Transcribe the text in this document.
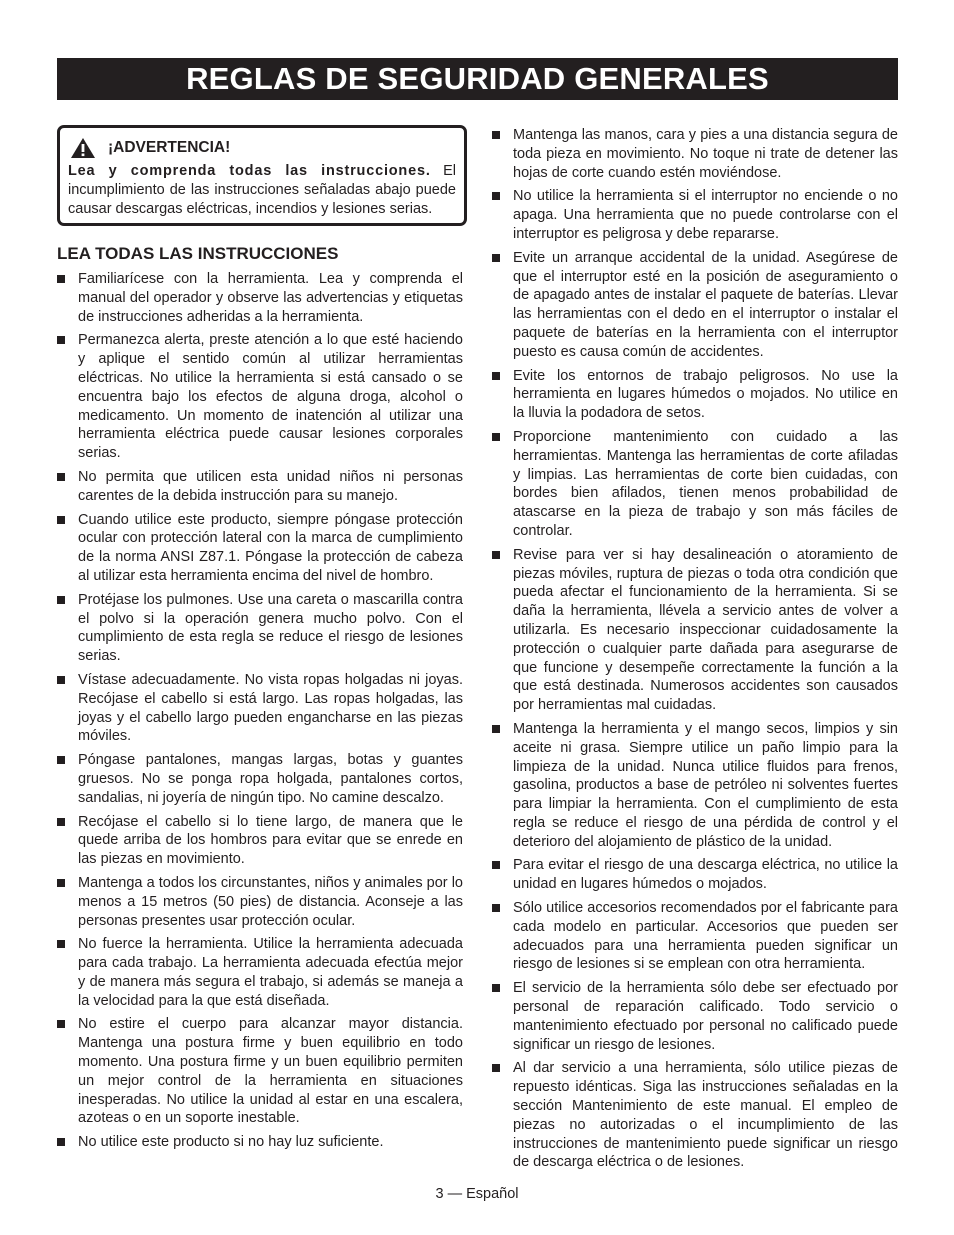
REGLAS DE SEGURIDAD GENERALES
¡ADVERTENCIA!
Lea y comprenda todas las instrucciones. El incumplimiento de las instrucciones señaladas abajo puede causar descargas eléctricas, incendios y lesiones serias.
LEA TODAS LAS INSTRUCCIONES
Familiarícese con la herramienta. Lea y comprenda el manual del operador y observe las advertencias y etiquetas de instrucciones adheridas a la herramienta.
Permanezca alerta, preste atención a lo que esté haciendo y aplique el sentido común al utilizar herramientas eléctricas. No utilice la herramienta si está cansado o se encuentra bajo los efectos de alguna droga, alcohol o medicamento. Un momento de inatención al utilizar una herramienta eléctrica puede causar lesiones corporales serias.
No permita que utilicen esta unidad niños ni personas carentes de la debida instrucción para su manejo.
Cuando utilice este producto, siempre póngase protección ocular con protección lateral con la marca de cumplimiento de la norma ANSI Z87.1. Póngase la protección de cabeza al utilizar esta herramienta encima del nivel de hombro.
Protéjase los pulmones. Use una careta o mascarilla contra el polvo si la operación genera mucho polvo. Con el cumplimiento de esta regla se reduce el riesgo de lesiones serias.
Vístase adecuadamente. No vista ropas holgadas ni joyas. Recójase el cabello si está largo. Las ropas holgadas, las joyas y el cabello largo pueden engancharse en las piezas móviles.
Póngase pantalones, mangas largas, botas y guantes gruesos. No se ponga ropa holgada, pantalones cortos, sandalias, ni joyería de ningún tipo. No camine descalzo.
Recójase el cabello si lo tiene largo, de manera que le quede arriba de los hombros para evitar que se enrede en las piezas en movimiento.
Mantenga a todos los circunstantes, niños y animales por lo menos a 15 metros (50 pies) de distancia. Aconseje a las personas presentes usar protección ocular.
No fuerce la herramienta. Utilice la herramienta adecuada para cada trabajo. La herramienta adecuada efectúa mejor y de manera más segura el trabajo, si además se maneja a la velocidad para la que está diseñada.
No estire el cuerpo para alcanzar mayor distancia. Mantenga una postura firme y buen equilibrio en todo momento. Una postura firme y un buen equilibrio permiten un mejor control de la herramienta en situaciones inesperadas. No utilice la unidad al estar en una escalera, azoteas o en un soporte inestable.
No utilice este producto si no hay luz suficiente.
Mantenga las manos, cara y pies a una distancia segura de toda pieza en movimiento. No toque ni trate de detener las hojas de corte cuando estén moviéndose.
No utilice la herramienta si el interruptor no enciende o no apaga. Una herramienta que no puede controlarse con el interruptor es peligrosa y debe repararse.
Evite un arranque accidental de la unidad. Asegúrese de que el interruptor esté en la posición de aseguramiento o de apagado antes de instalar el paquete de baterías. Llevar las herramientas con el dedo en el interruptor o instalar el paquete de baterías en la herramienta con el interruptor puesto es causa común de accidentes.
Evite los entornos de trabajo peligrosos. No use la herramienta en lugares húmedos o mojados. No utilice en la lluvia la podadora de setos.
Proporcione mantenimiento con cuidado a las herramientas. Mantenga las herramientas de corte afiladas y limpias. Las herramientas de corte bien cuidadas, con bordes bien afilados, tienen menos probabilidad de atascarse en la pieza de trabajo y son más fáciles de controlar.
Revise para ver si hay desalineación o atoramiento de piezas móviles, ruptura de piezas o toda otra condición que pueda afectar el funcionamiento de la herramienta. Si se daña la herramienta, llévela a servicio antes de volver a utilizarla. Es necesario inspeccionar cuidadosamente la protección o cualquier parte dañada para asegurarse de que funcione y desempeñe correctamente la función a la que está destinada. Numerosos accidentes son causados por herramientas mal cuidadas.
Mantenga la herramienta y el mango secos, limpios y sin aceite ni grasa. Siempre utilice un paño limpio para la limpieza de la unidad. Nunca utilice fluidos para frenos, gasolina, productos a base de petróleo ni solventes fuertes para limpiar la herramienta. Con el cumplimiento de esta regla se reduce el riesgo de una pérdida de control y el deterioro del alojamiento de plástico de la unidad.
Para evitar el riesgo de una descarga eléctrica, no utilice la unidad en lugares húmedos o mojados.
Sólo utilice accesorios recomendados por el fabricante para cada modelo en particular. Accesorios que pueden ser adecuados para una herramienta pueden significar un riesgo de lesiones si se emplean con otra herramienta.
El servicio de la herramienta sólo debe ser efectuado por personal de reparación calificado. Todo servicio o mantenimiento efectuado por personal no calificado puede significar un riesgo de lesiones.
Al dar servicio a una herramienta, sólo utilice piezas de repuesto idénticas. Siga las instrucciones señaladas en la sección Mantenimiento de este manual. El empleo de piezas no autorizadas o el incumplimiento de las instrucciones de mantenimiento puede significar un riesgo de descarga eléctrica o de lesiones.
3 — Español
